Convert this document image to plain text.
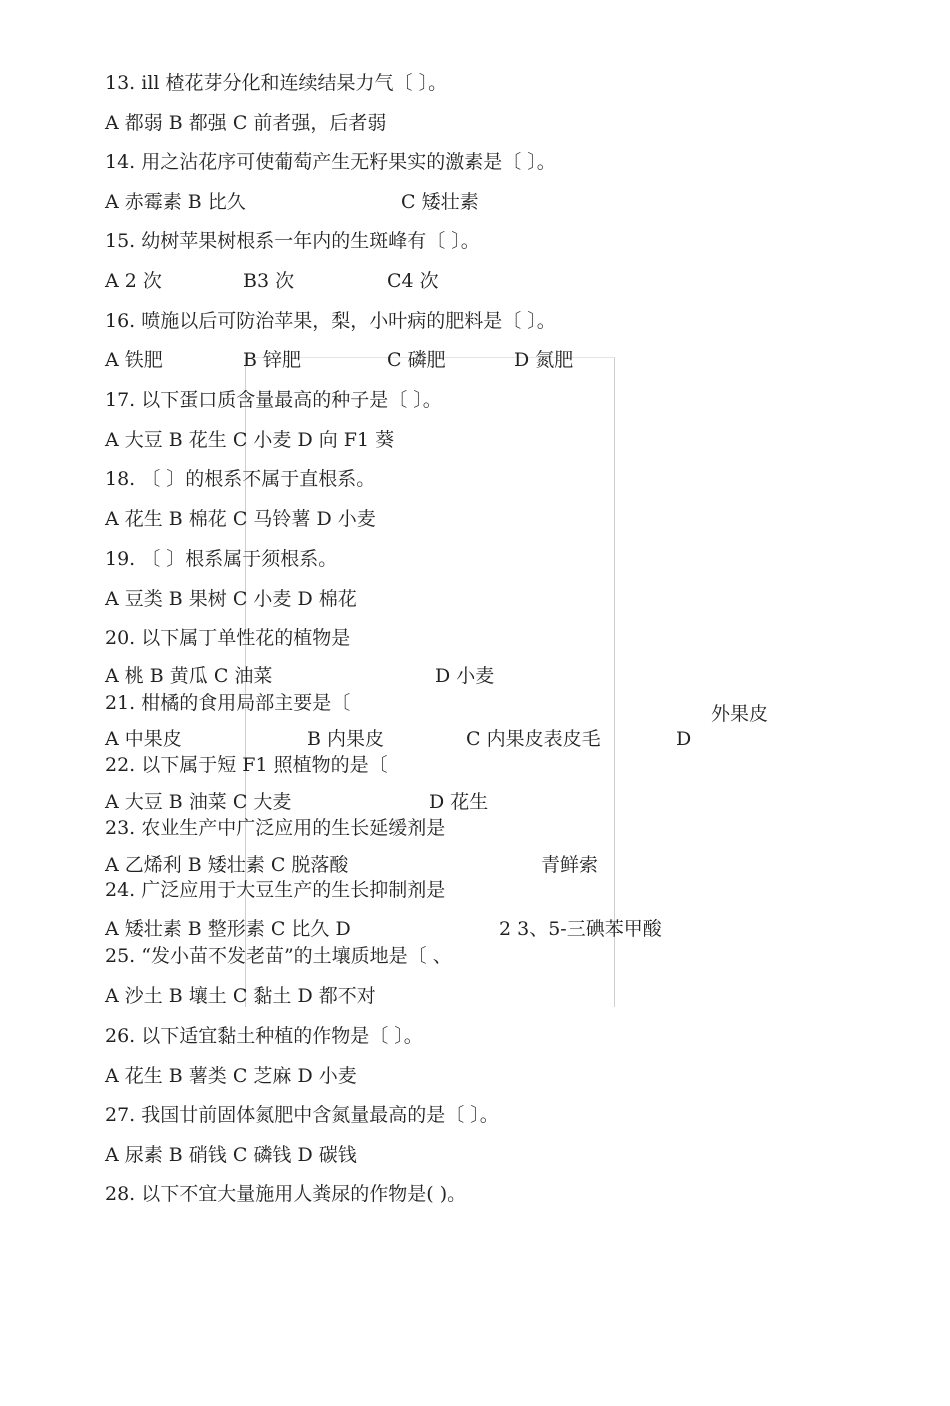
13. ill 楂花芽分化和连续结杲力气〔 〕。
A 都弱 B 都强 C 前者强，后者弱
14. 用之沾花序可使葡萄产生无籽果实的激素是〔 〕。
A 赤霉素 B 比久	C 矮壮素
15. 幼树苹果树根系一年内的生斑峰有〔 〕。
A 2 次	B3 次	C4 次
16. 喷施以后可防治苹果，梨，小叶病的肥料是〔 〕。
A 铁肥	B 锌肥	C 磷肥	D 氮肥
17. 以下蛋口质含量最高的种子是〔 〕。
A 大豆 B 花生 C 小麦 D 向 F1 葵
18. 〔 〕的根系不属于直根系。
A 花生 B 棉花 C 马铃薯 D 小麦
19. 〔 〕根系属于须根系。
A 豆类 B 果树 C 小麦 D 棉花
20. 以下属丁单性花的植物是
A 桃 B 黄瓜 C 油菜	D 小麦
21. 柑橘的食用局部主要是〔	外果皮
A 中果皮	B 内果皮	C 内果皮表皮毛	D
22. 以下属于短 F1 照植物的是〔
A 大豆 B 油菜 C 大麦	D 花生
23. 农业生产中广泛应用的生长延缓剂是
A 乙烯利 B 矮壮素 C 脱落酸	青鲜索
24. 广泛应用于大豆生产的生长抑制剂是
A 矮壮素 B 整形素 C 比久 D	2 3、5-三碘苯甲酸
25. “发小苗不发老苗”的土壤质地是〔 、
A 沙土 B 壤土 C 黏土 D 都不对
26. 以下适宜黏土种植的作物是〔 〕。
A 花生 B 薯类 C 芝麻 D 小麦
27. 我国廿前固体氮肥中含氮量最高的是〔 〕。
A 尿素 B 硝钱 C 磷钱 D 碳钱
28. 以下不宜大量施用人粪尿的作物是( )。
